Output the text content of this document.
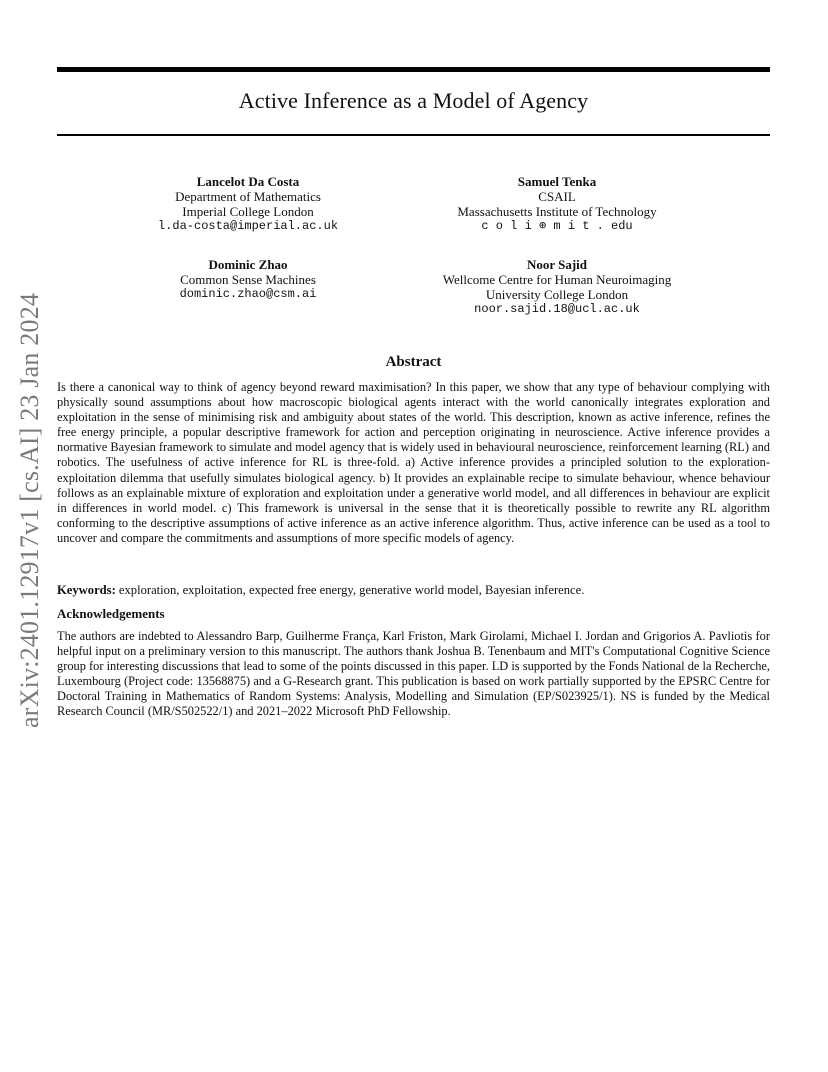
Active Inference as a Model of Agency
arXiv:2401.12917v1 [cs.AI] 23 Jan 2024
Lancelot Da Costa
Department of Mathematics
Imperial College London
l.da-costa@imperial.ac.uk
Samuel Tenka
CSAIL
Massachusetts Institute of Technology
c o l i ⊕ m i t . edu
Dominic Zhao
Common Sense Machines
dominic.zhao@csm.ai
Noor Sajid
Wellcome Centre for Human Neuroimaging
University College London
noor.sajid.18@ucl.ac.uk
Abstract
Is there a canonical way to think of agency beyond reward maximisation? In this paper, we show that any type of behaviour complying with physically sound assumptions about how macroscopic biological agents interact with the world canonically integrates exploration and exploitation in the sense of minimising risk and ambiguity about states of the world. This description, known as active inference, refines the free energy principle, a popular descriptive framework for action and perception originating in neuroscience. Active inference provides a normative Bayesian framework to simulate and model agency that is widely used in behavioural neuroscience, reinforcement learning (RL) and robotics. The usefulness of active inference for RL is three-fold. a) Active inference provides a principled solution to the exploration-exploitation dilemma that usefully simulates biological agency. b) It provides an explainable recipe to simulate behaviour, whence behaviour follows as an explainable mixture of exploration and exploitation under a generative world model, and all differences in behaviour are explicit in differences in world model. c) This framework is universal in the sense that it is theoretically possible to rewrite any RL algorithm conforming to the descriptive assumptions of active inference as an active inference algorithm. Thus, active inference can be used as a tool to uncover and compare the commitments and assumptions of more specific models of agency.
Keywords: exploration, exploitation, expected free energy, generative world model, Bayesian inference.
Acknowledgements
The authors are indebted to Alessandro Barp, Guilherme França, Karl Friston, Mark Girolami, Michael I. Jordan and Grigorios A. Pavliotis for helpful input on a preliminary version to this manuscript. The authors thank Joshua B. Tenenbaum and MIT's Computational Cognitive Science group for interesting discussions that lead to some of the points discussed in this paper. LD is supported by the Fonds National de la Recherche, Luxembourg (Project code: 13568875) and a G-Research grant. This publication is based on work partially supported by the EPSRC Centre for Doctoral Training in Mathematics of Random Systems: Analysis, Modelling and Simulation (EP/S023925/1). NS is funded by the Medical Research Council (MR/S502522/1) and 2021–2022 Microsoft PhD Fellowship.
